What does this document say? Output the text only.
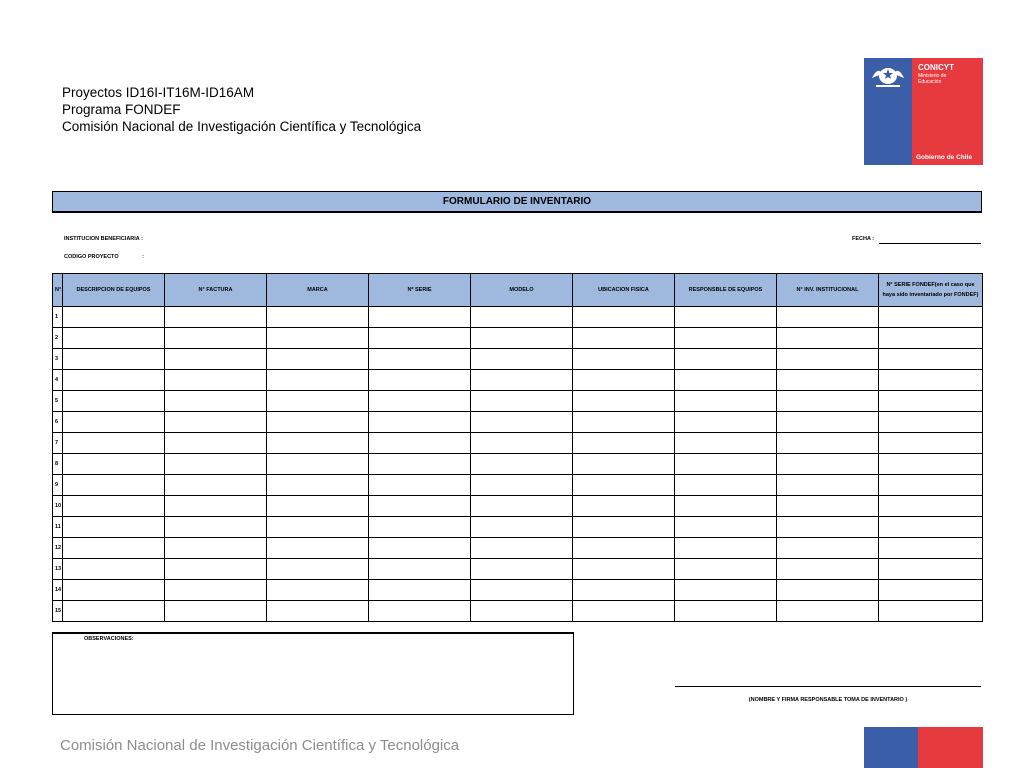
Proyectos ID16I-IT16M-ID16AM
Programa FONDEF
Comisión Nacional de Investigación Científica y Tecnológica
CONICYT
Ministerio de
Educación
Gobierno de Chile
FORMULARIO DE INVENTARIO
INSTITUCION BENEFICIARIA :
CODIGO PROYECTO	:
FECHA :
N°	DESCRIPCION DE EQUIPOS	N° FACTURA	MARCA	Nº SERIE	MODELO	UBICACION FISICA	RESPONSBLE DE EQUIPOS	N° INV. INSTITUCIONAL	N° SERIE FONDEF(en el caso que haya sido inventariado por FONDEF)
1									
2									
3									
4									
5									
6									
7									
8									
9									
10									
11									
12									
13									
14									
15									
OBSERVACIONES:
(NOMBRE Y FIRMA RESPONSABLE TOMA DE INVENTARIO )
Comisión Nacional de Investigación Científica y Tecnológica
